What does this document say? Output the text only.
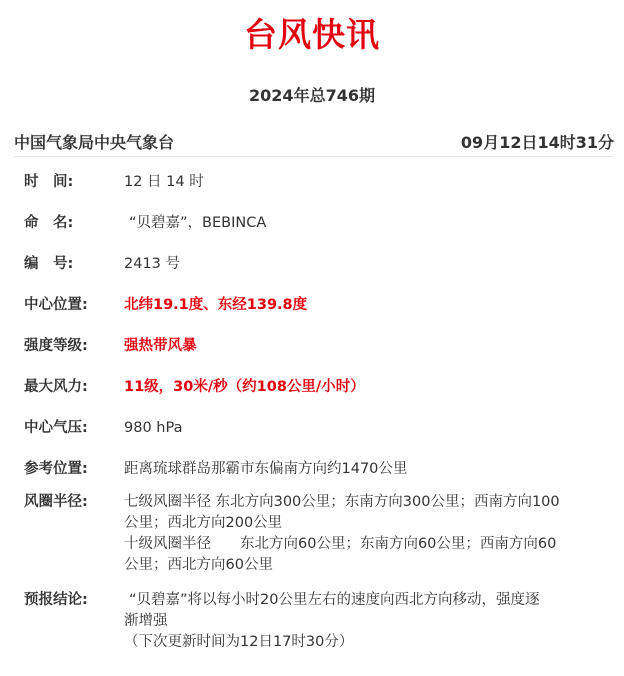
台风快讯
2024年总746期
中国气象局中央气象台	09月12日14时31分
时　间:	12 日 14 时
命　名:	“贝碧嘉”，BEBINCA
编　号:	2413 号
中心位置:	北纬19.1度、东经139.8度
强度等级:	强热带风暴
最大风力:	11级，30米/秒（约108公里/小时）
中心气压:	980 hPa
参考位置:	距离琉球群岛那霸市东偏南方向约1470公里
风圈半径:	七级风圈半径 东北方向300公里；东南方向300公里；西南方向100
公里；西北方向200公里
十级风圈半径　　东北方向60公里；东南方向60公里；西南方向60
公里；西北方向60公里
预报结论:	“贝碧嘉”将以每小时20公里左右的速度向西北方向移动，强度逐
渐增强
（下次更新时间为12日17时30分）
